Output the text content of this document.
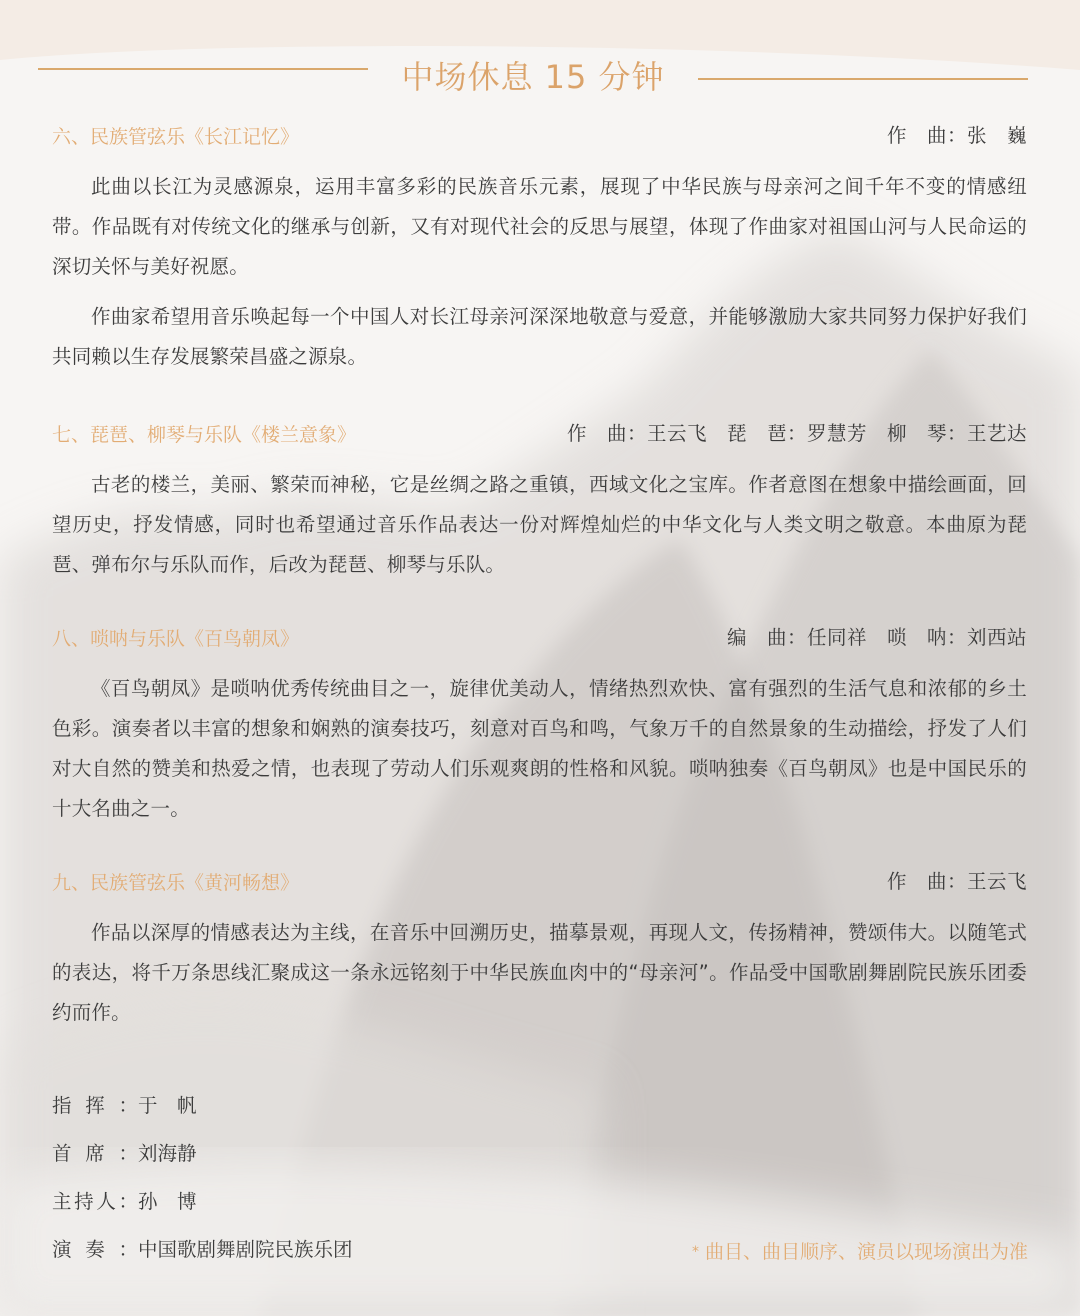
中场休息 15 分钟
六、民族管弦乐《长江记忆》	作　曲：张　巍

此曲以长江为灵感源泉，运用丰富多彩的民族音乐元素，展现了中华民族与母亲河之间千年不变的情感纽带。作品既有对传统文化的继承与创新，又有对现代社会的反思与展望，体现了作曲家对祖国山河与人民命运的深切关怀与美好祝愿。

作曲家希望用音乐唤起每一个中国人对长江母亲河深深地敬意与爱意，并能够激励大家共同努力保护好我们共同赖以生存发展繁荣昌盛之源泉。

七、琵琶、柳琴与乐队《楼兰意象》	作　曲：王云飞　琵　琶：罗慧芳　柳　琴：王艺达

古老的楼兰，美丽、繁荣而神秘，它是丝绸之路之重镇，西域文化之宝库。作者意图在想象中描绘画面，回望历史，抒发情感，同时也希望通过音乐作品表达一份对辉煌灿烂的中华文化与人类文明之敬意。本曲原为琵琶、弹布尔与乐队而作，后改为琵琶、柳琴与乐队。

八、唢呐与乐队《百鸟朝凤》	编　曲：任同祥　唢　呐：刘西站

《百鸟朝凤》是唢呐优秀传统曲目之一，旋律优美动人，情绪热烈欢快、富有强烈的生活气息和浓郁的乡土色彩。演奏者以丰富的想象和娴熟的演奏技巧，刻意对百鸟和鸣，气象万千的自然景象的生动描绘，抒发了人们对大自然的赞美和热爱之情，也表现了劳动人们乐观爽朗的性格和风貌。唢呐独奏《百鸟朝凤》也是中国民乐的十大名曲之一。

九、民族管弦乐《黄河畅想》	作　曲：王云飞

作品以深厚的情感表达为主线，在音乐中回溯历史，描摹景观，再现人文，传扬精神，赞颂伟大。以随笔式的表达，将千万条思线汇聚成这一条永远铭刻于中华民族血肉中的“母亲河”。作品受中国歌剧舞剧院民族乐团委约而作。

指挥：于　帆
首席：刘海静
主持人：孙　博
演奏：中国歌剧舞剧院民族乐团	* 曲目、曲目顺序、演员以现场演出为准
